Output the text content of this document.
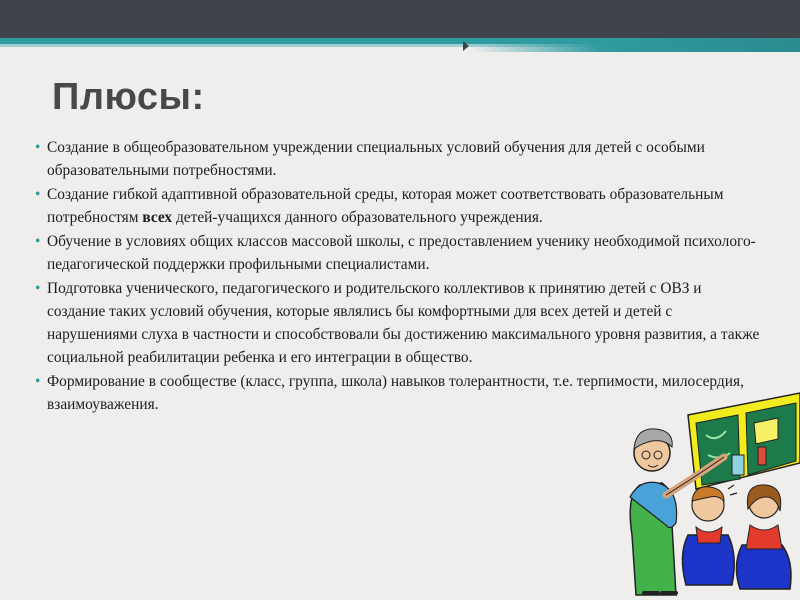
Плюсы:
• Создание в общеобразовательном учреждении специальных условий обучения для детей с особыми образовательными потребностями.
• Создание гибкой адаптивной образовательной среды, которая может соответствовать образовательным потребностям всех детей-учащихся данного образовательного учреждения.
• Обучение в условиях общих классов массовой школы, с предоставлением ученику необходимой психолого-педагогической поддержки профильными специалистами.
• Подготовка ученического, педагогического и родительского коллективов к принятию детей с ОВЗ и создание таких условий обучения, которые являлись бы комфортными для всех детей и детей с нарушениями слуха в частности и способствовали бы достижению максимального уровня развития, а также социальной реабилитации ребенка и его интеграции в общество.
• Формирование в сообществе (класс, группа, школа) навыков толерантности, т.е. терпимости, милосердия, взаимоуважения.
